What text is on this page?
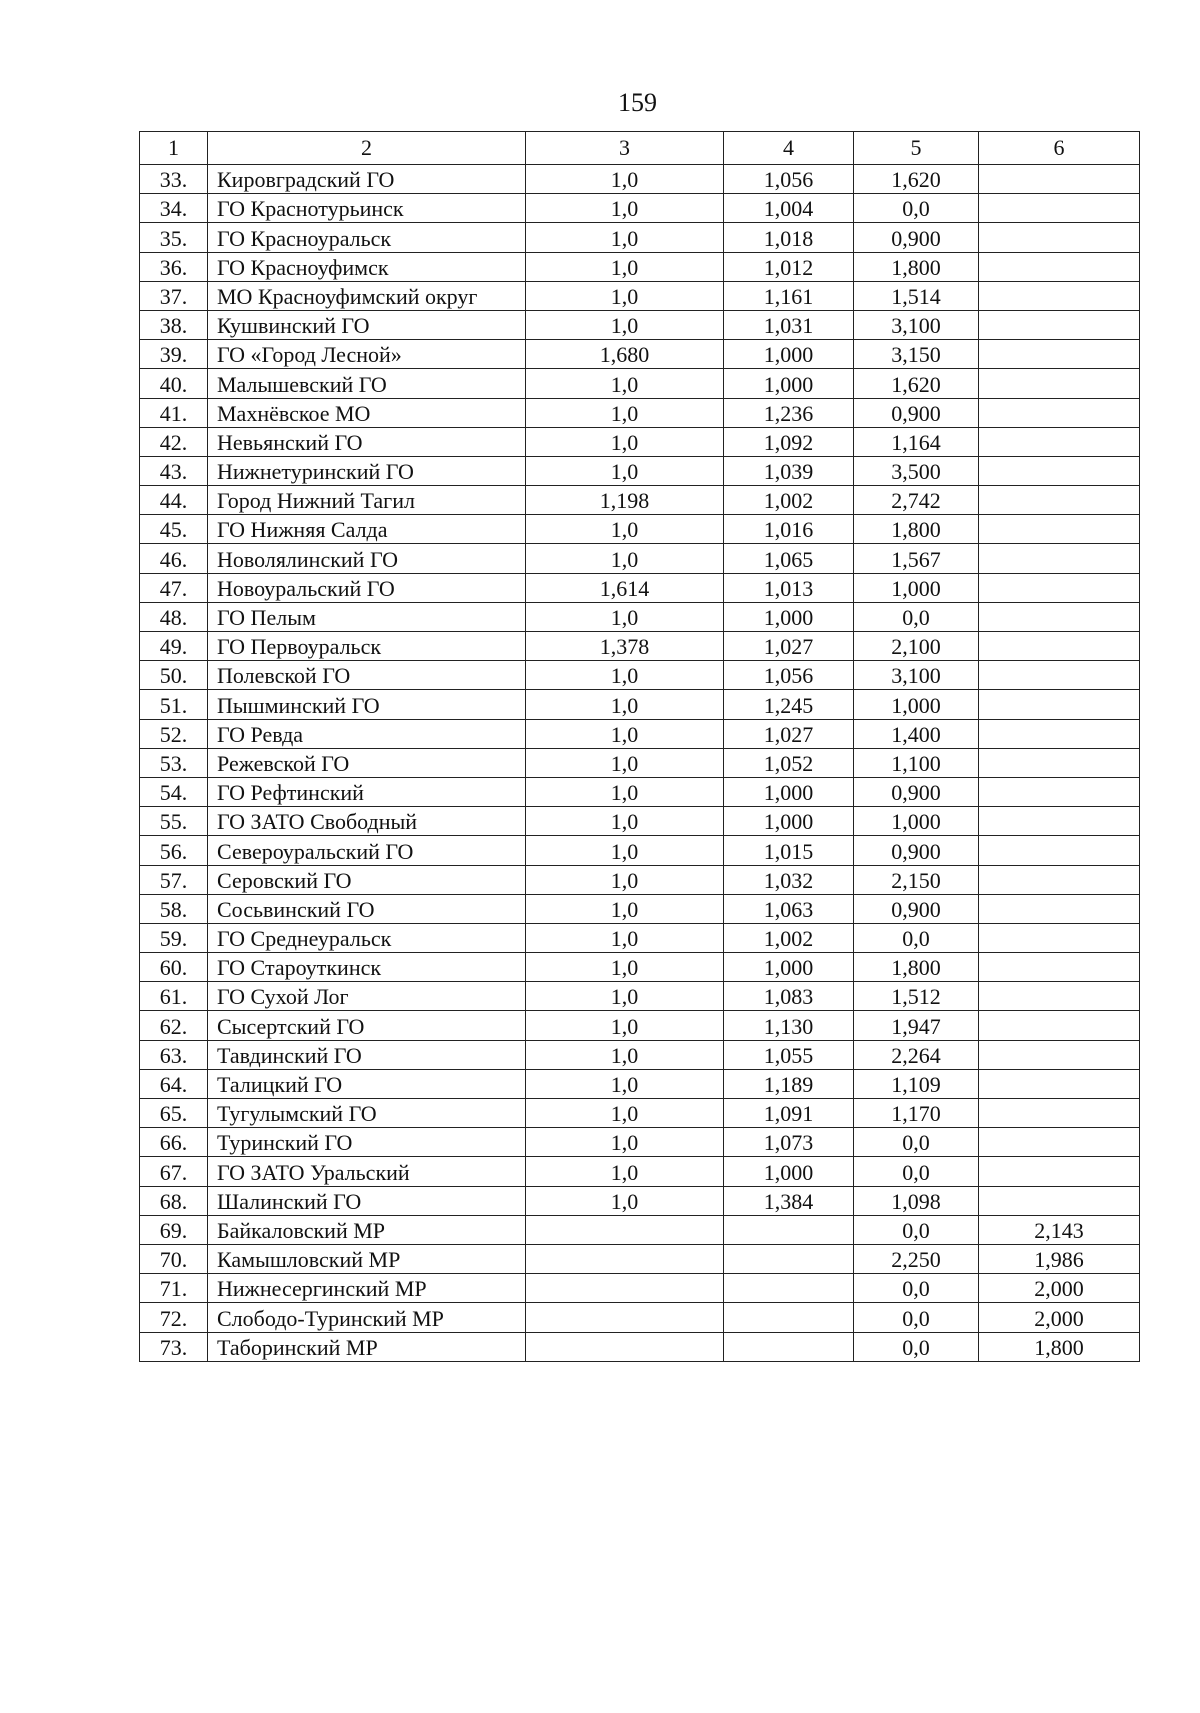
159
1	2	3	4	5	6
33.	Кировградский ГО	1,0	1,056	1,620	
34.	ГО Краснотурьинск	1,0	1,004	0,0	
35.	ГО Красноуральск	1,0	1,018	0,900	
36.	ГО Красноуфимск	1,0	1,012	1,800	
37.	МО Красноуфимский округ	1,0	1,161	1,514	
38.	Кушвинский ГО	1,0	1,031	3,100	
39.	ГО «Город Лесной»	1,680	1,000	3,150	
40.	Малышевский ГО	1,0	1,000	1,620	
41.	Махнёвское МО	1,0	1,236	0,900	
42.	Невьянский ГО	1,0	1,092	1,164	
43.	Нижнетуринский ГО	1,0	1,039	3,500	
44.	Город Нижний Тагил	1,198	1,002	2,742	
45.	ГО Нижняя Салда	1,0	1,016	1,800	
46.	Новолялинский ГО	1,0	1,065	1,567	
47.	Новоуральский ГО	1,614	1,013	1,000	
48.	ГО Пелым	1,0	1,000	0,0	
49.	ГО Первоуральск	1,378	1,027	2,100	
50.	Полевской ГО	1,0	1,056	3,100	
51.	Пышминский ГО	1,0	1,245	1,000	
52.	ГО Ревда	1,0	1,027	1,400	
53.	Режевской ГО	1,0	1,052	1,100	
54.	ГО Рефтинский	1,0	1,000	0,900	
55.	ГО ЗАТО Свободный	1,0	1,000	1,000	
56.	Североуральский ГО	1,0	1,015	0,900	
57.	Серовский ГО	1,0	1,032	2,150	
58.	Сосьвинский ГО	1,0	1,063	0,900	
59.	ГО Среднеуральск	1,0	1,002	0,0	
60.	ГО Староуткинск	1,0	1,000	1,800	
61.	ГО Сухой Лог	1,0	1,083	1,512	
62.	Сысертский ГО	1,0	1,130	1,947	
63.	Тавдинский ГО	1,0	1,055	2,264	
64.	Талицкий ГО	1,0	1,189	1,109	
65.	Тугулымский ГО	1,0	1,091	1,170	
66.	Туринский ГО	1,0	1,073	0,0	
67.	ГО ЗАТО Уральский	1,0	1,000	0,0	
68.	Шалинский ГО	1,0	1,384	1,098	
69.	Байкаловский МР			0,0	2,143
70.	Камышловский МР			2,250	1,986
71.	Нижнесергинский МР			0,0	2,000
72.	Слободо-Туринский МР			0,0	2,000
73.	Таборинский МР			0,0	1,800
